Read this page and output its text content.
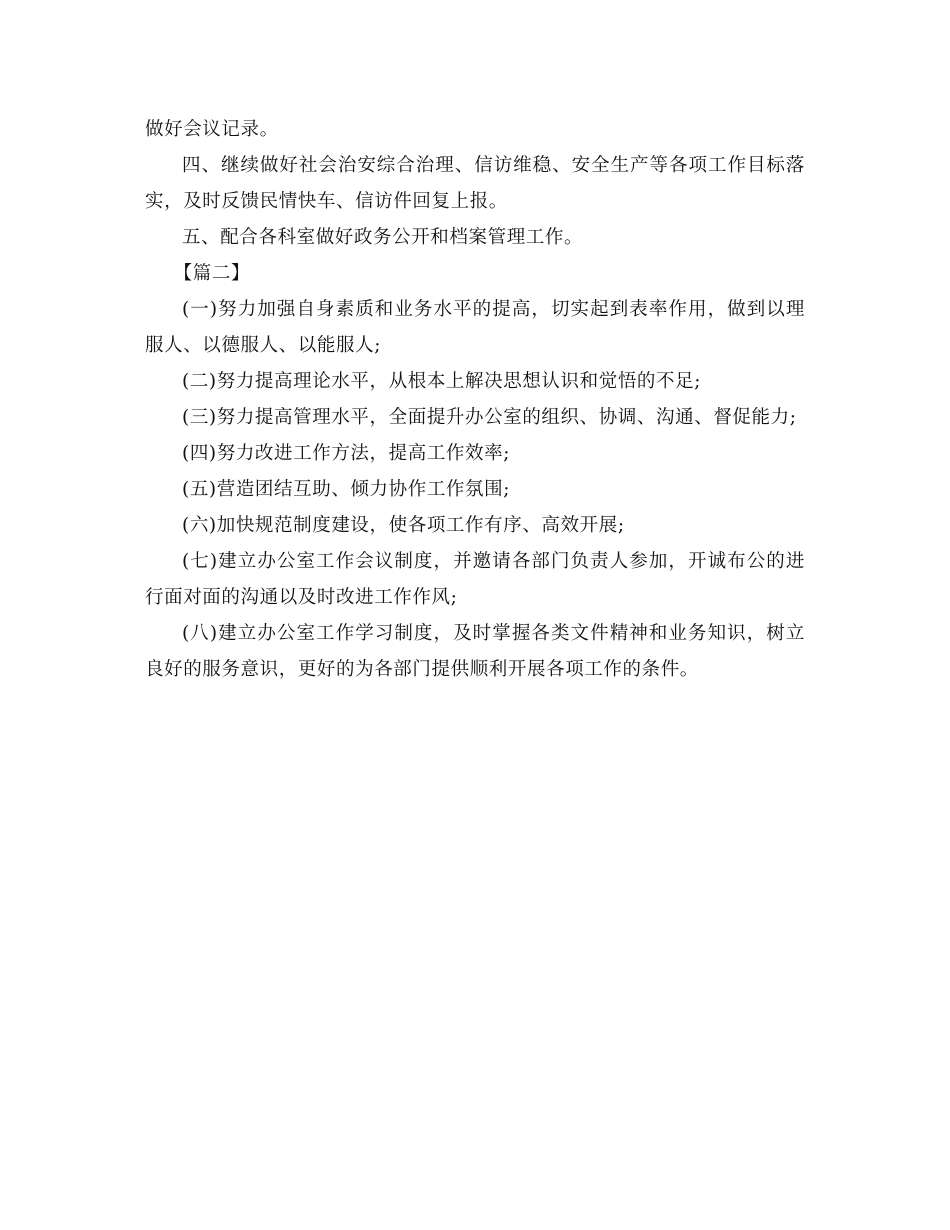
做好会议记录。

四、继续做好社会治安综合治理、信访维稳、安全生产等各项工作目标落实，及时反馈民情快车、信访件回复上报。

五、配合各科室做好政务公开和档案管理工作。

【篇二】

(一)努力加强自身素质和业务水平的提高，切实起到表率作用，做到以理服人、以德服人、以能服人;

(二)努力提高理论水平，从根本上解决思想认识和觉悟的不足;

(三)努力提高管理水平，全面提升办公室的组织、协调、沟通、督促能力;

(四)努力改进工作方法，提高工作效率;

(五)营造团结互助、倾力协作工作氛围;

(六)加快规范制度建设，使各项工作有序、高效开展;

(七)建立办公室工作会议制度，并邀请各部门负责人参加，开诚布公的进行面对面的沟通以及时改进工作作风;

(八)建立办公室工作学习制度，及时掌握各类文件精神和业务知识，树立良好的服务意识，更好的为各部门提供顺利开展各项工作的条件。
